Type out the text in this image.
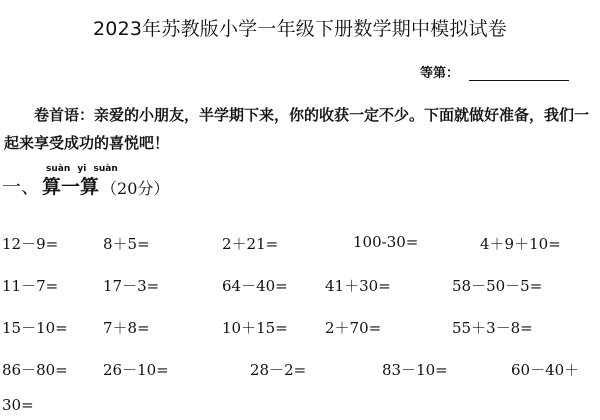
2023年苏教版小学一年级下册数学期中模拟试卷
等第：
卷首语：亲爱的小朋友，半学期下来，你的收获一定不少。下面就做好准备，我们一起来享受成功的喜悦吧！
一、
suàn yi suàn
算一算 （20分）
12－9=	8＋5=	2＋21=	100-30=	4＋9＋10=
11－7=	17－3=	64－40= 41＋30=	58－50－5=
15－10= 7＋8=	10＋15= 2＋70=	55＋3－8=
86－80= 26－10=	28－2=	83－10=	60－40＋
30=
